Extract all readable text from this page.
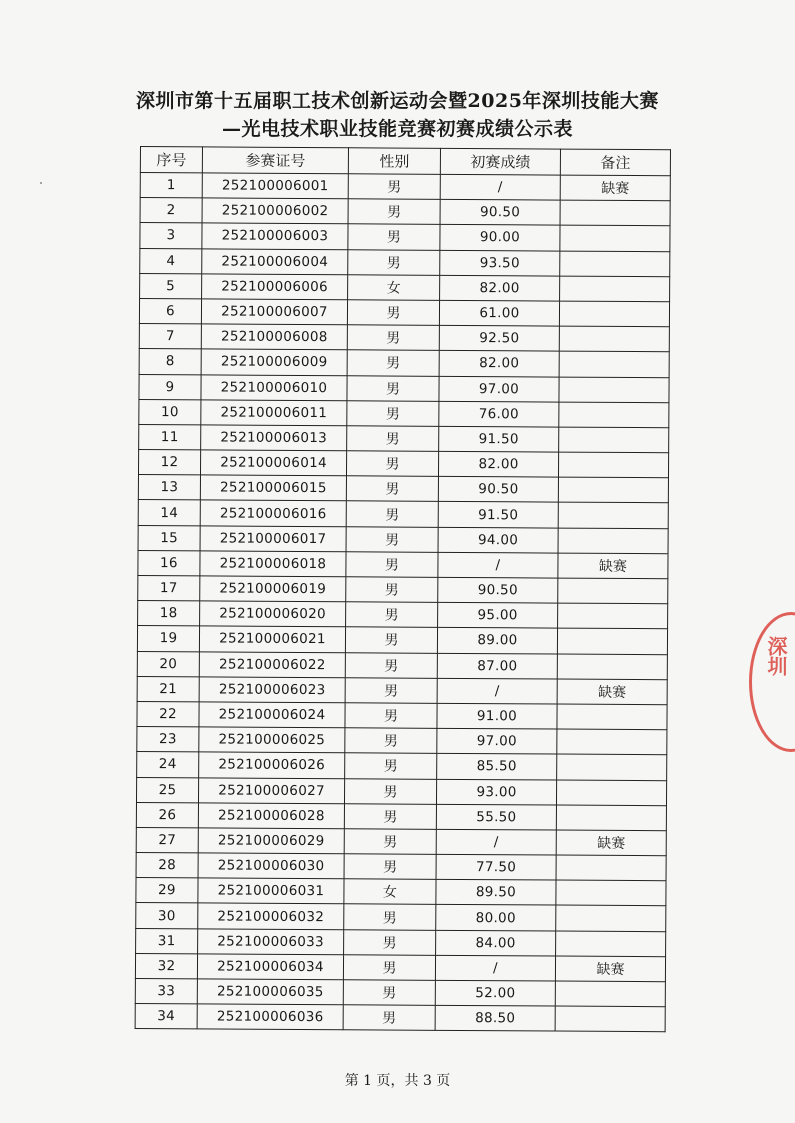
深圳市第十五届职工技术创新运动会暨2025年深圳技能大赛
—光电技术职业技能竞赛初赛成绩公示表
序号	参赛证号	性别	初赛成绩	备注
1	252100006001	男	/	缺赛
2	252100006002	男	90.50	
3	252100006003	男	90.00	
4	252100006004	男	93.50	
5	252100006006	女	82.00	
6	252100006007	男	61.00	
7	252100006008	男	92.50	
8	252100006009	男	82.00	
9	252100006010	男	97.00	
10	252100006011	男	76.00	
11	252100006013	男	91.50	
12	252100006014	男	82.00	
13	252100006015	男	90.50	
14	252100006016	男	91.50	
15	252100006017	男	94.00	
16	252100006018	男	/	缺赛
17	252100006019	男	90.50	
18	252100006020	男	95.00	
19	252100006021	男	89.00	
20	252100006022	男	87.00	
21	252100006023	男	/	缺赛
22	252100006024	男	91.00	
23	252100006025	男	97.00	
24	252100006026	男	85.50	
25	252100006027	男	93.00	
26	252100006028	男	55.50	
27	252100006029	男	/	缺赛
28	252100006030	男	77.50	
29	252100006031	女	89.50	
30	252100006032	男	80.00	
31	252100006033	男	84.00	
32	252100006034	男	/	缺赛
33	252100006035	男	52.00	
34	252100006036	男	88.50	
第 1 页，共 3 页
深圳
